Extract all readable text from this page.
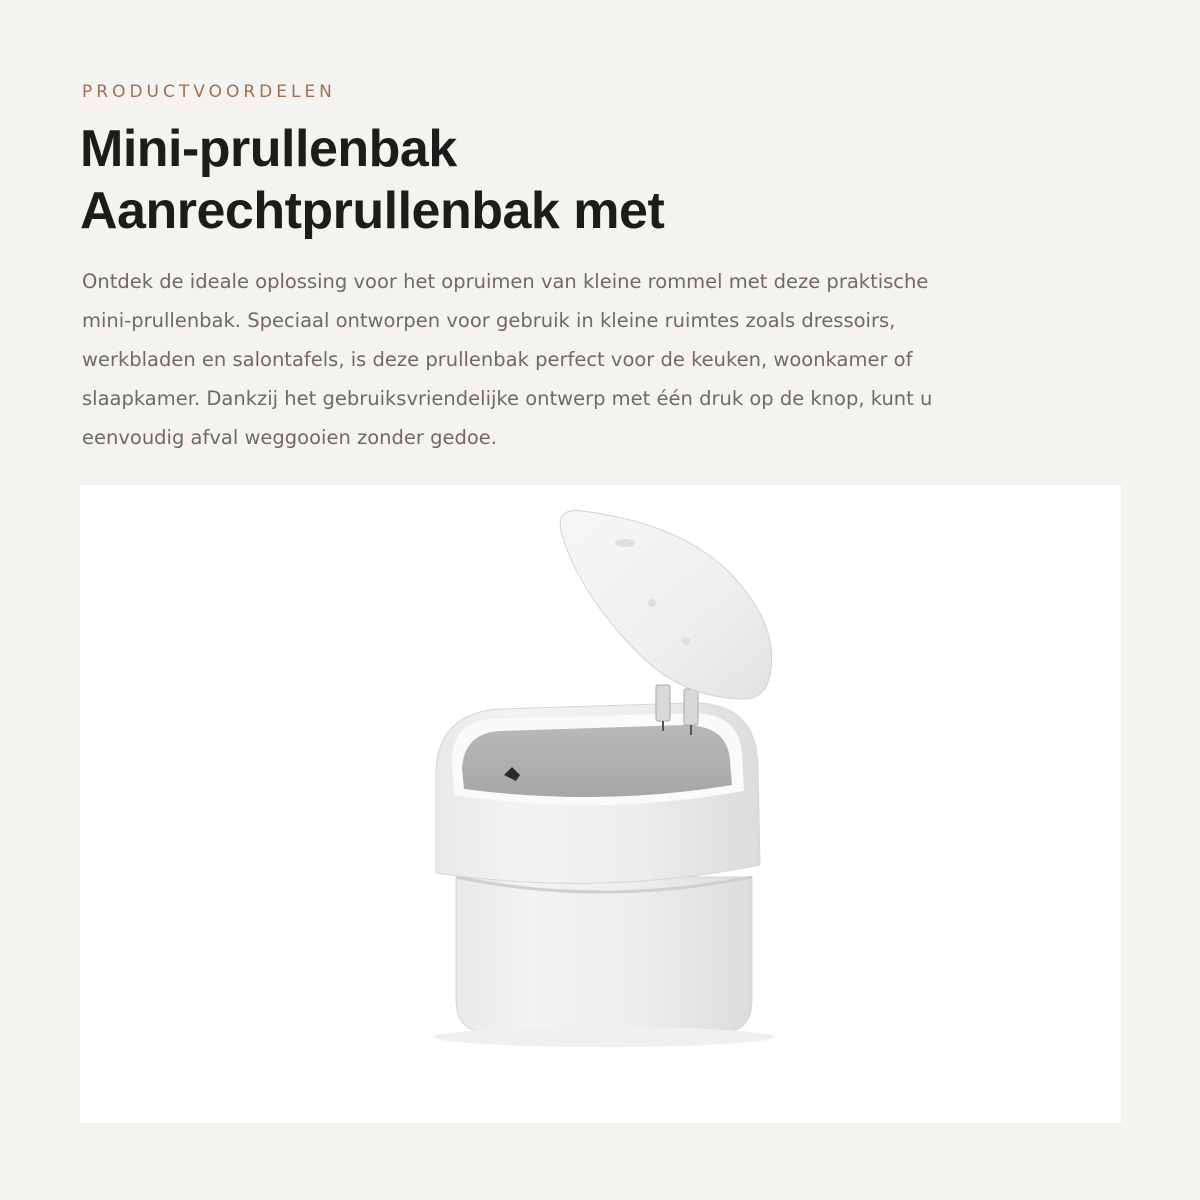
PRODUCTVOORDELEN
Mini-prullenbak
Aanrechtprullenbak met

Ontdek de ideale oplossing voor het opruimen van kleine rommel met deze praktische
mini-prullenbak. Speciaal ontworpen voor gebruik in kleine ruimtes zoals dressoirs,
werkbladen en salontafels, is deze prullenbak perfect voor de keuken, woonkamer of
slaapkamer. Dankzij het gebruiksvriendelijke ontwerp met één druk op de knop, kunt u
eenvoudig afval weggooien zonder gedoe.
